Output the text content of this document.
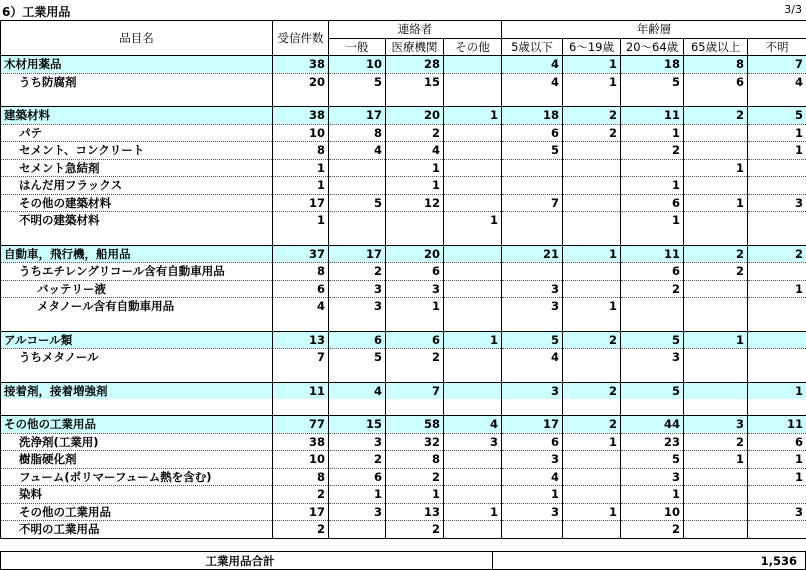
6）工業用品	3/3
品目名	受信件数	連絡者			年齢層				
		一般	医療機関	その他	5歳以下	6〜19歳	20〜64歳	65歳以上	不明
木材用薬品	38	10	28		4	1	18	8	7
うち防腐剤	20	5	15		4	1	5	6	4

建築材料	38	17	20	1	18	2	11	2	5
パテ	10	8	2		6	2	1		1
セメント、コンクリート	8	4	4		5		2		1
セメント急結剤	1		1					1	
はんだ用フラックス	1		1				1		
その他の建築材料	17	5	12		7		6	1	3
不明の建築材料	1			1			1		

自動車，飛行機，船用品	37	17	20		21	1	11	2	2
うちエチレングリコール含有自動車用品	8	2	6				6	2	
バッテリー液	6	3	3		3		2		1
メタノール含有自動車用品	4	3	1		3	1			

アルコール類	13	6	6	1	5	2	5	1	
うちメタノール	7	5	2		4		3		

接着剤，接着増強剤	11	4	7		3	2	5		1

その他の工業用品	77	15	58	4	17	2	44	3	11
洗浄剤(工業用)	38	3	32	3	6	1	23	2	6
樹脂硬化剤	10	2	8		3		5	1	1
フューム(ポリマーフューム熱を含む)	8	6	2		4		3		1
染料	2	1	1		1		1		
その他の工業用品	17	3	13	1	3	1	10		3
不明の工業用品	2		2				2		
工業用品合計	1,536
